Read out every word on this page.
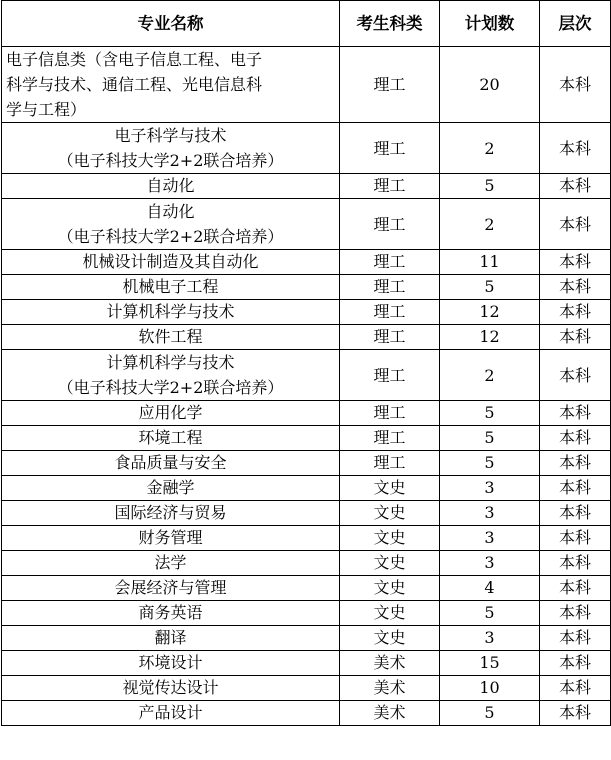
专业名称	考生科类	计划数	层次
电子信息类（含电子信息工程、电子
科学与技术、通信工程、光电信息科
学与工程）	理工	20	本科
电子科学与技术
（电子科技大学2+2联合培养）	理工	2	本科
自动化	理工	5	本科
自动化
（电子科技大学2+2联合培养）	理工	2	本科
机械设计制造及其自动化	理工	11	本科
机械电子工程	理工	5	本科
计算机科学与技术	理工	12	本科
软件工程	理工	12	本科
计算机科学与技术
（电子科技大学2+2联合培养）	理工	2	本科
应用化学	理工	5	本科
环境工程	理工	5	本科
食品质量与安全	理工	5	本科
金融学	文史	3	本科
国际经济与贸易	文史	3	本科
财务管理	文史	3	本科
法学	文史	3	本科
会展经济与管理	文史	4	本科
商务英语	文史	5	本科
翻译	文史	3	本科
环境设计	美术	15	本科
视觉传达设计	美术	10	本科
产品设计	美术	5	本科
